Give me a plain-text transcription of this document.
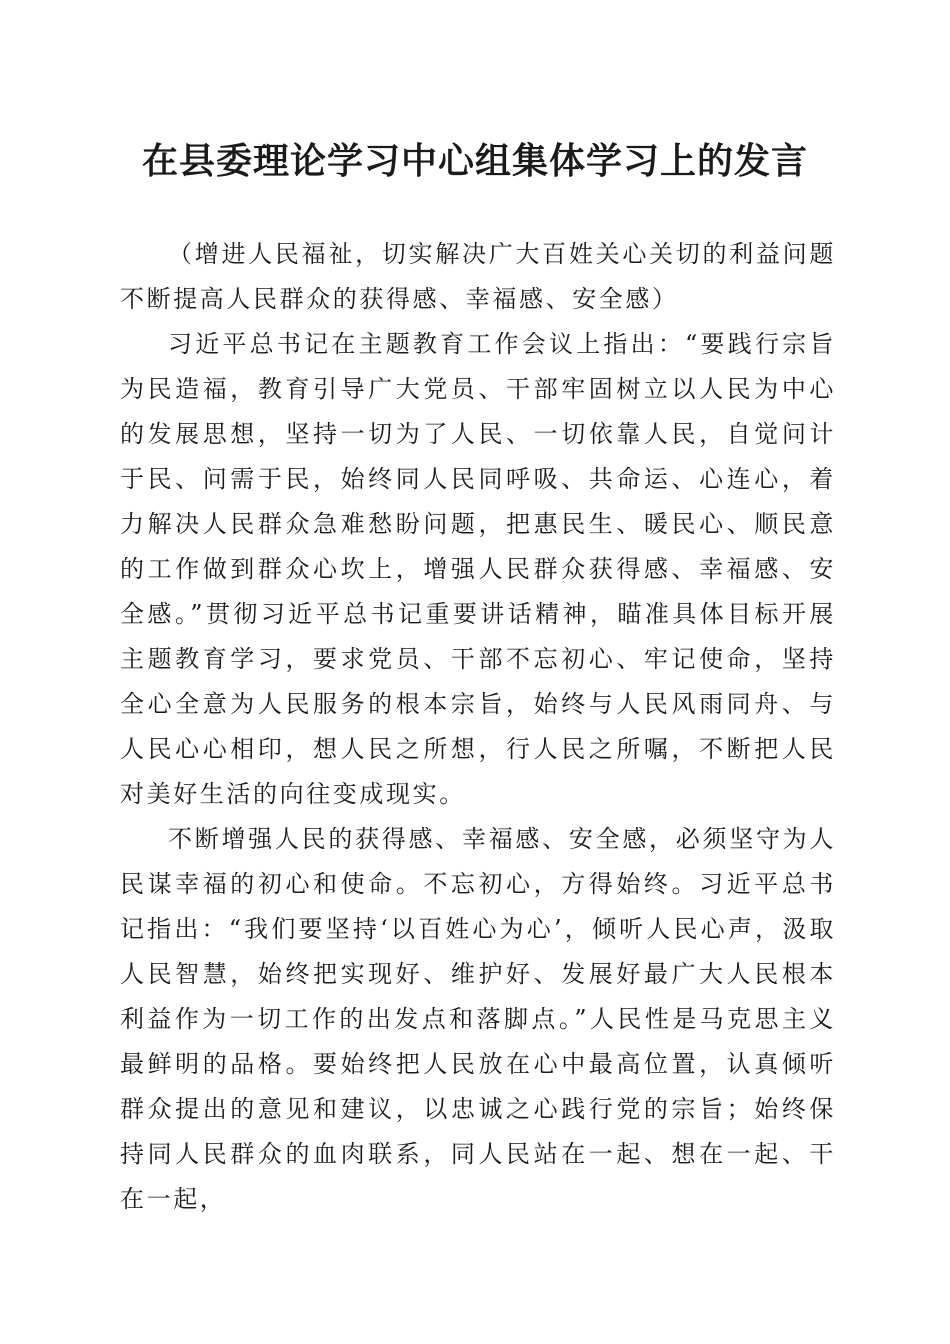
在县委理论学习中心组集体学习上的发言

（增进人民福祉，切实解决广大百姓关心关切的利益问题不断提高人民群众的获得感、幸福感、安全感）

习近平总书记在主题教育工作会议上指出：“要践行宗旨为民造福，教育引导广大党员、干部牢固树立以人民为中心的发展思想，坚持一切为了人民、一切依靠人民，自觉问计于民、问需于民，始终同人民同呼吸、共命运、心连心，着力解决人民群众急难愁盼问题，把惠民生、暖民心、顺民意的工作做到群众心坎上，增强人民群众获得感、幸福感、安全感。”贯彻习近平总书记重要讲话精神，瞄准具体目标开展主题教育学习，要求党员、干部不忘初心、牢记使命，坚持全心全意为人民服务的根本宗旨，始终与人民风雨同舟、与人民心心相印，想人民之所想，行人民之所嘱，不断把人民对美好生活的向往变成现实。

不断增强人民的获得感、幸福感、安全感，必须坚守为人民谋幸福的初心和使命。不忘初心，方得始终。习近平总书记指出：“我们要坚持‘以百姓心为心’，倾听人民心声，汲取人民智慧，始终把实现好、维护好、发展好最广大人民根本利益作为一切工作的出发点和落脚点。”人民性是马克思主义最鲜明的品格。要始终把人民放在心中最高位置，认真倾听群众提出的意见和建议，以忠诚之心践行党的宗旨；始终保持同人民群众的血肉联系，同人民站在一起、想在一起、干在一起，
